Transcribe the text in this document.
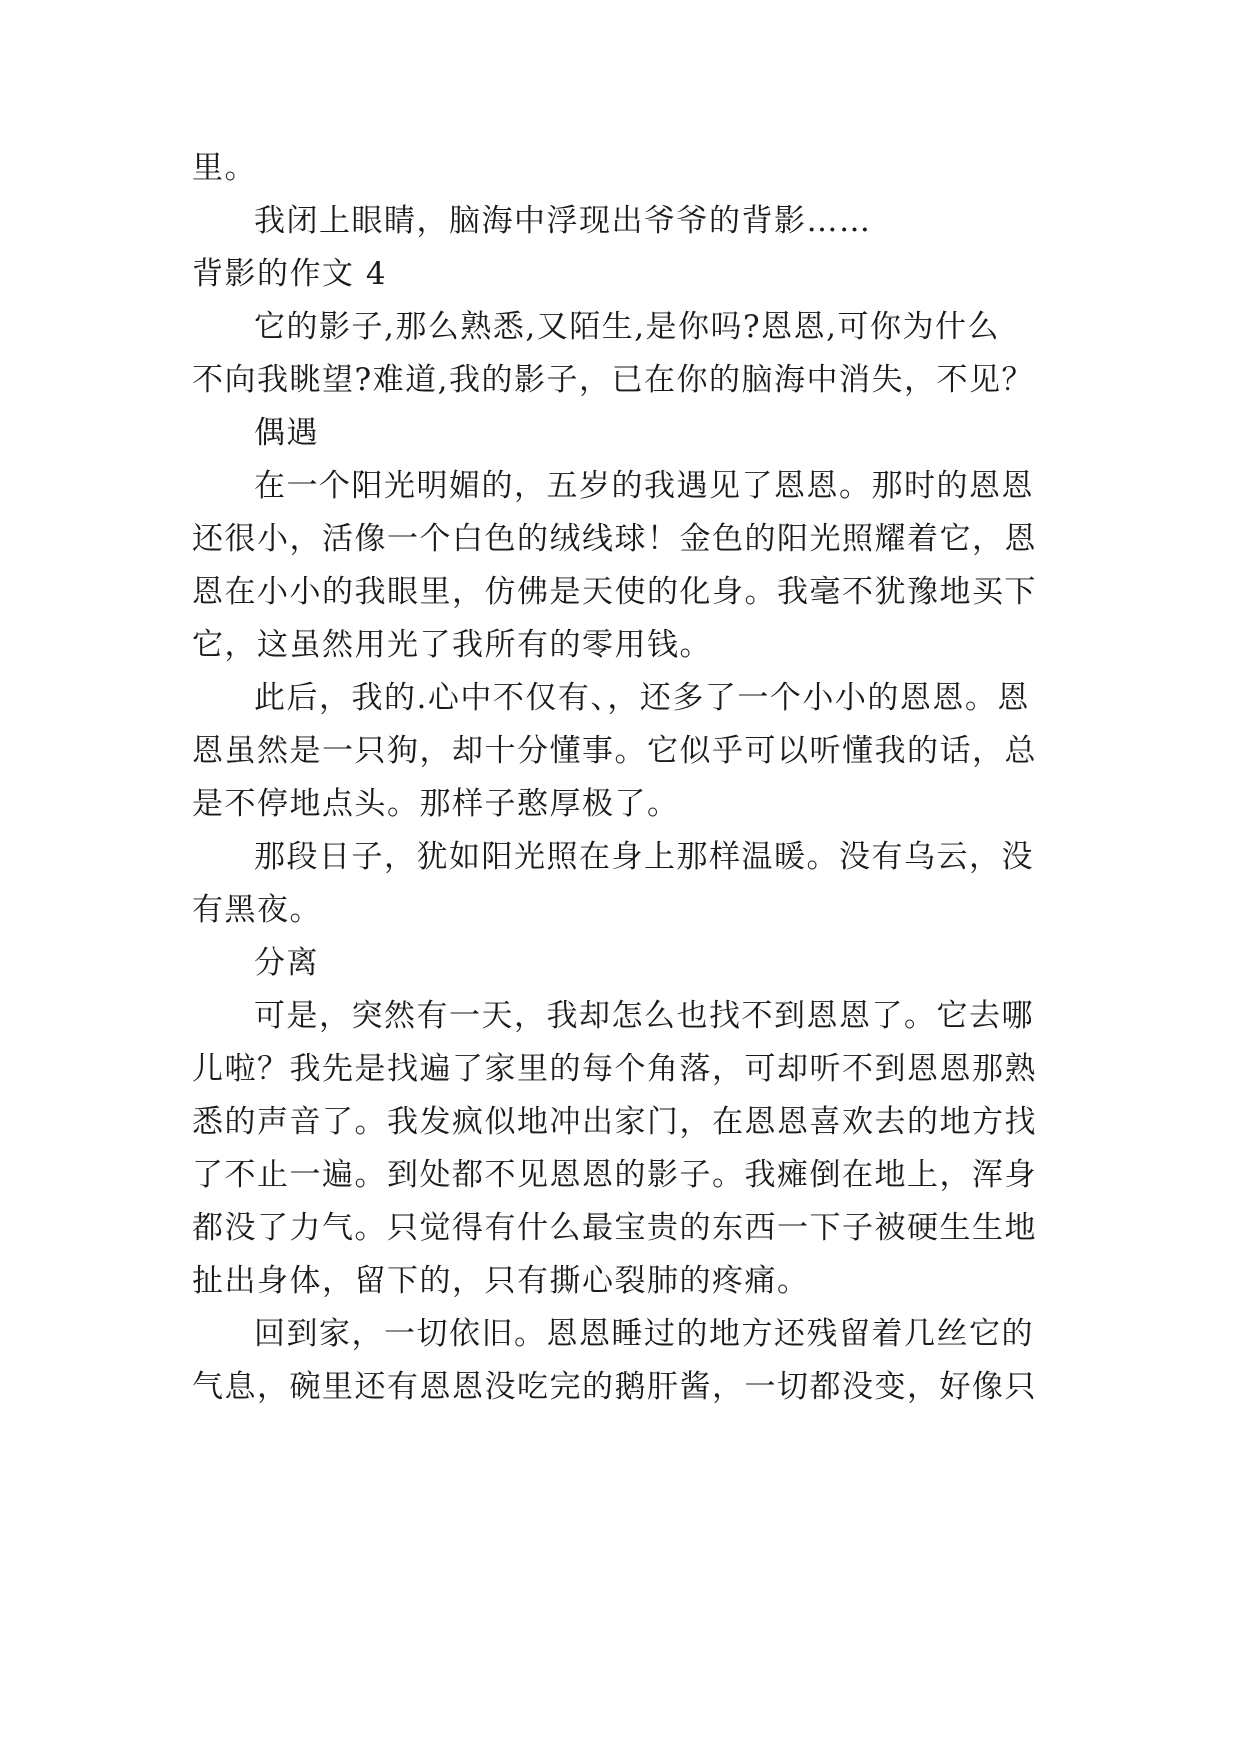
里。
我闭上眼睛，脑海中浮现出爷爷的背影……
背影的作文 4
它的影子,那么熟悉,又陌生,是你吗?恩恩,可你为什么
不向我眺望?难道,我的影子，已在你的脑海中消失，不见？
偶遇
在一个阳光明媚的，五岁的我遇见了恩恩。那时的恩恩
还很小，活像一个白色的绒线球！金色的阳光照耀着它，恩
恩在小小的我眼里，仿佛是天使的化身。我毫不犹豫地买下
它，这虽然用光了我所有的零用钱。
此后，我的.心中不仅有、，还多了一个小小的恩恩。恩
恩虽然是一只狗，却十分懂事。它似乎可以听懂我的话，总
是不停地点头。那样子憨厚极了。
那段日子，犹如阳光照在身上那样温暖。没有乌云，没
有黑夜。
分离
可是，突然有一天，我却怎么也找不到恩恩了。它去哪
儿啦？我先是找遍了家里的每个角落，可却听不到恩恩那熟
悉的声音了。我发疯似地冲出家门，在恩恩喜欢去的地方找
了不止一遍。到处都不见恩恩的影子。我瘫倒在地上，浑身
都没了力气。只觉得有什么最宝贵的东西一下子被硬生生地
扯出身体，留下的，只有撕心裂肺的疼痛。
回到家，一切依旧。恩恩睡过的地方还残留着几丝它的
气息，碗里还有恩恩没吃完的鹅肝酱，一切都没变，好像只
